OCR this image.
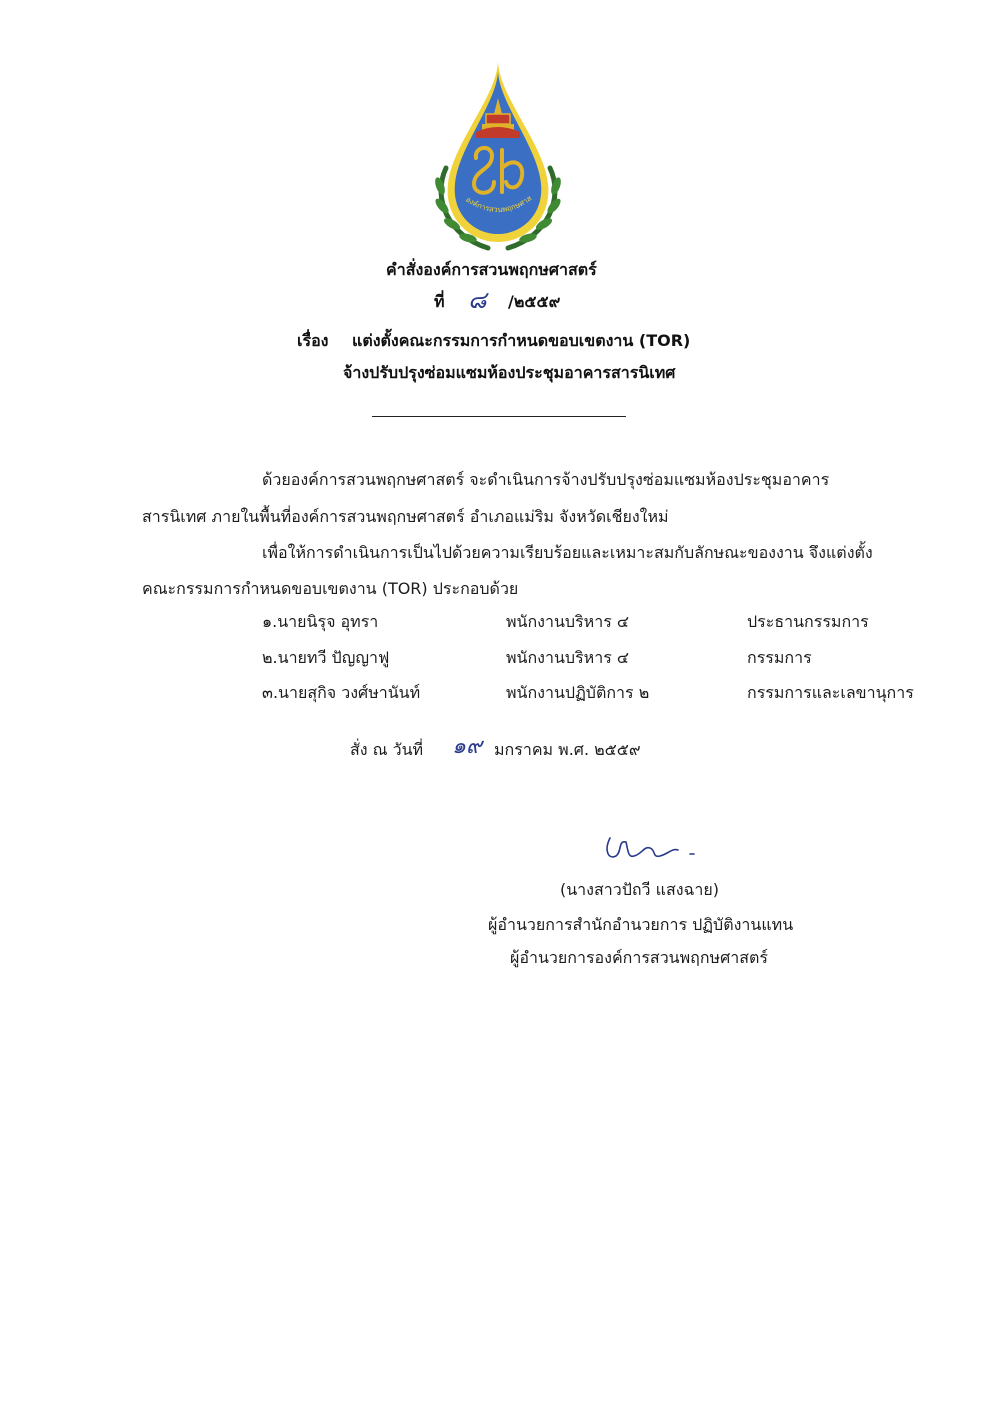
องค์การสวนพฤกษศาส
คำสั่งองค์การสวนพฤกษศาสตร์
ที่ ๘ /๒๕๕๙
เรื่อง แต่งตั้งคณะกรรมการกำหนดขอบเขตงาน (TOR)
จ้างปรับปรุงซ่อมแซมห้องประชุมอาคารสารนิเทศ
ด้วยองค์การสวนพฤกษศาสตร์ จะดำเนินการจ้างปรับปรุงซ่อมแซมห้องประชุมอาคาร
สารนิเทศ ภายในพื้นที่องค์การสวนพฤกษศาสตร์ อำเภอแม่ริม จังหวัดเชียงใหม่
เพื่อให้การดำเนินการเป็นไปด้วยความเรียบร้อยและเหมาะสมกับลักษณะของงาน จึงแต่งตั้ง
คณะกรรมการกำหนดขอบเขตงาน (TOR) ประกอบด้วย
๑.นายนิรุจ อุทรา	พนักงานบริหาร ๔	ประธานกรรมการ
๒.นายทวี ปัญญาฟู	พนักงานบริหาร ๔	กรรมการ
๓.นายสุกิจ วงศ์ษานันท์	พนักงานปฏิบัติการ ๒	กรรมการและเลขานุการ
สั่ง ณ วันที่ ๑๙ มกราคม พ.ศ. ๒๕๕๙
(นางสาวปัถวี แสงฉาย)
ผู้อำนวยการสำนักอำนวยการ ปฏิบัติงานแทน
ผู้อำนวยการองค์การสวนพฤกษศาสตร์
